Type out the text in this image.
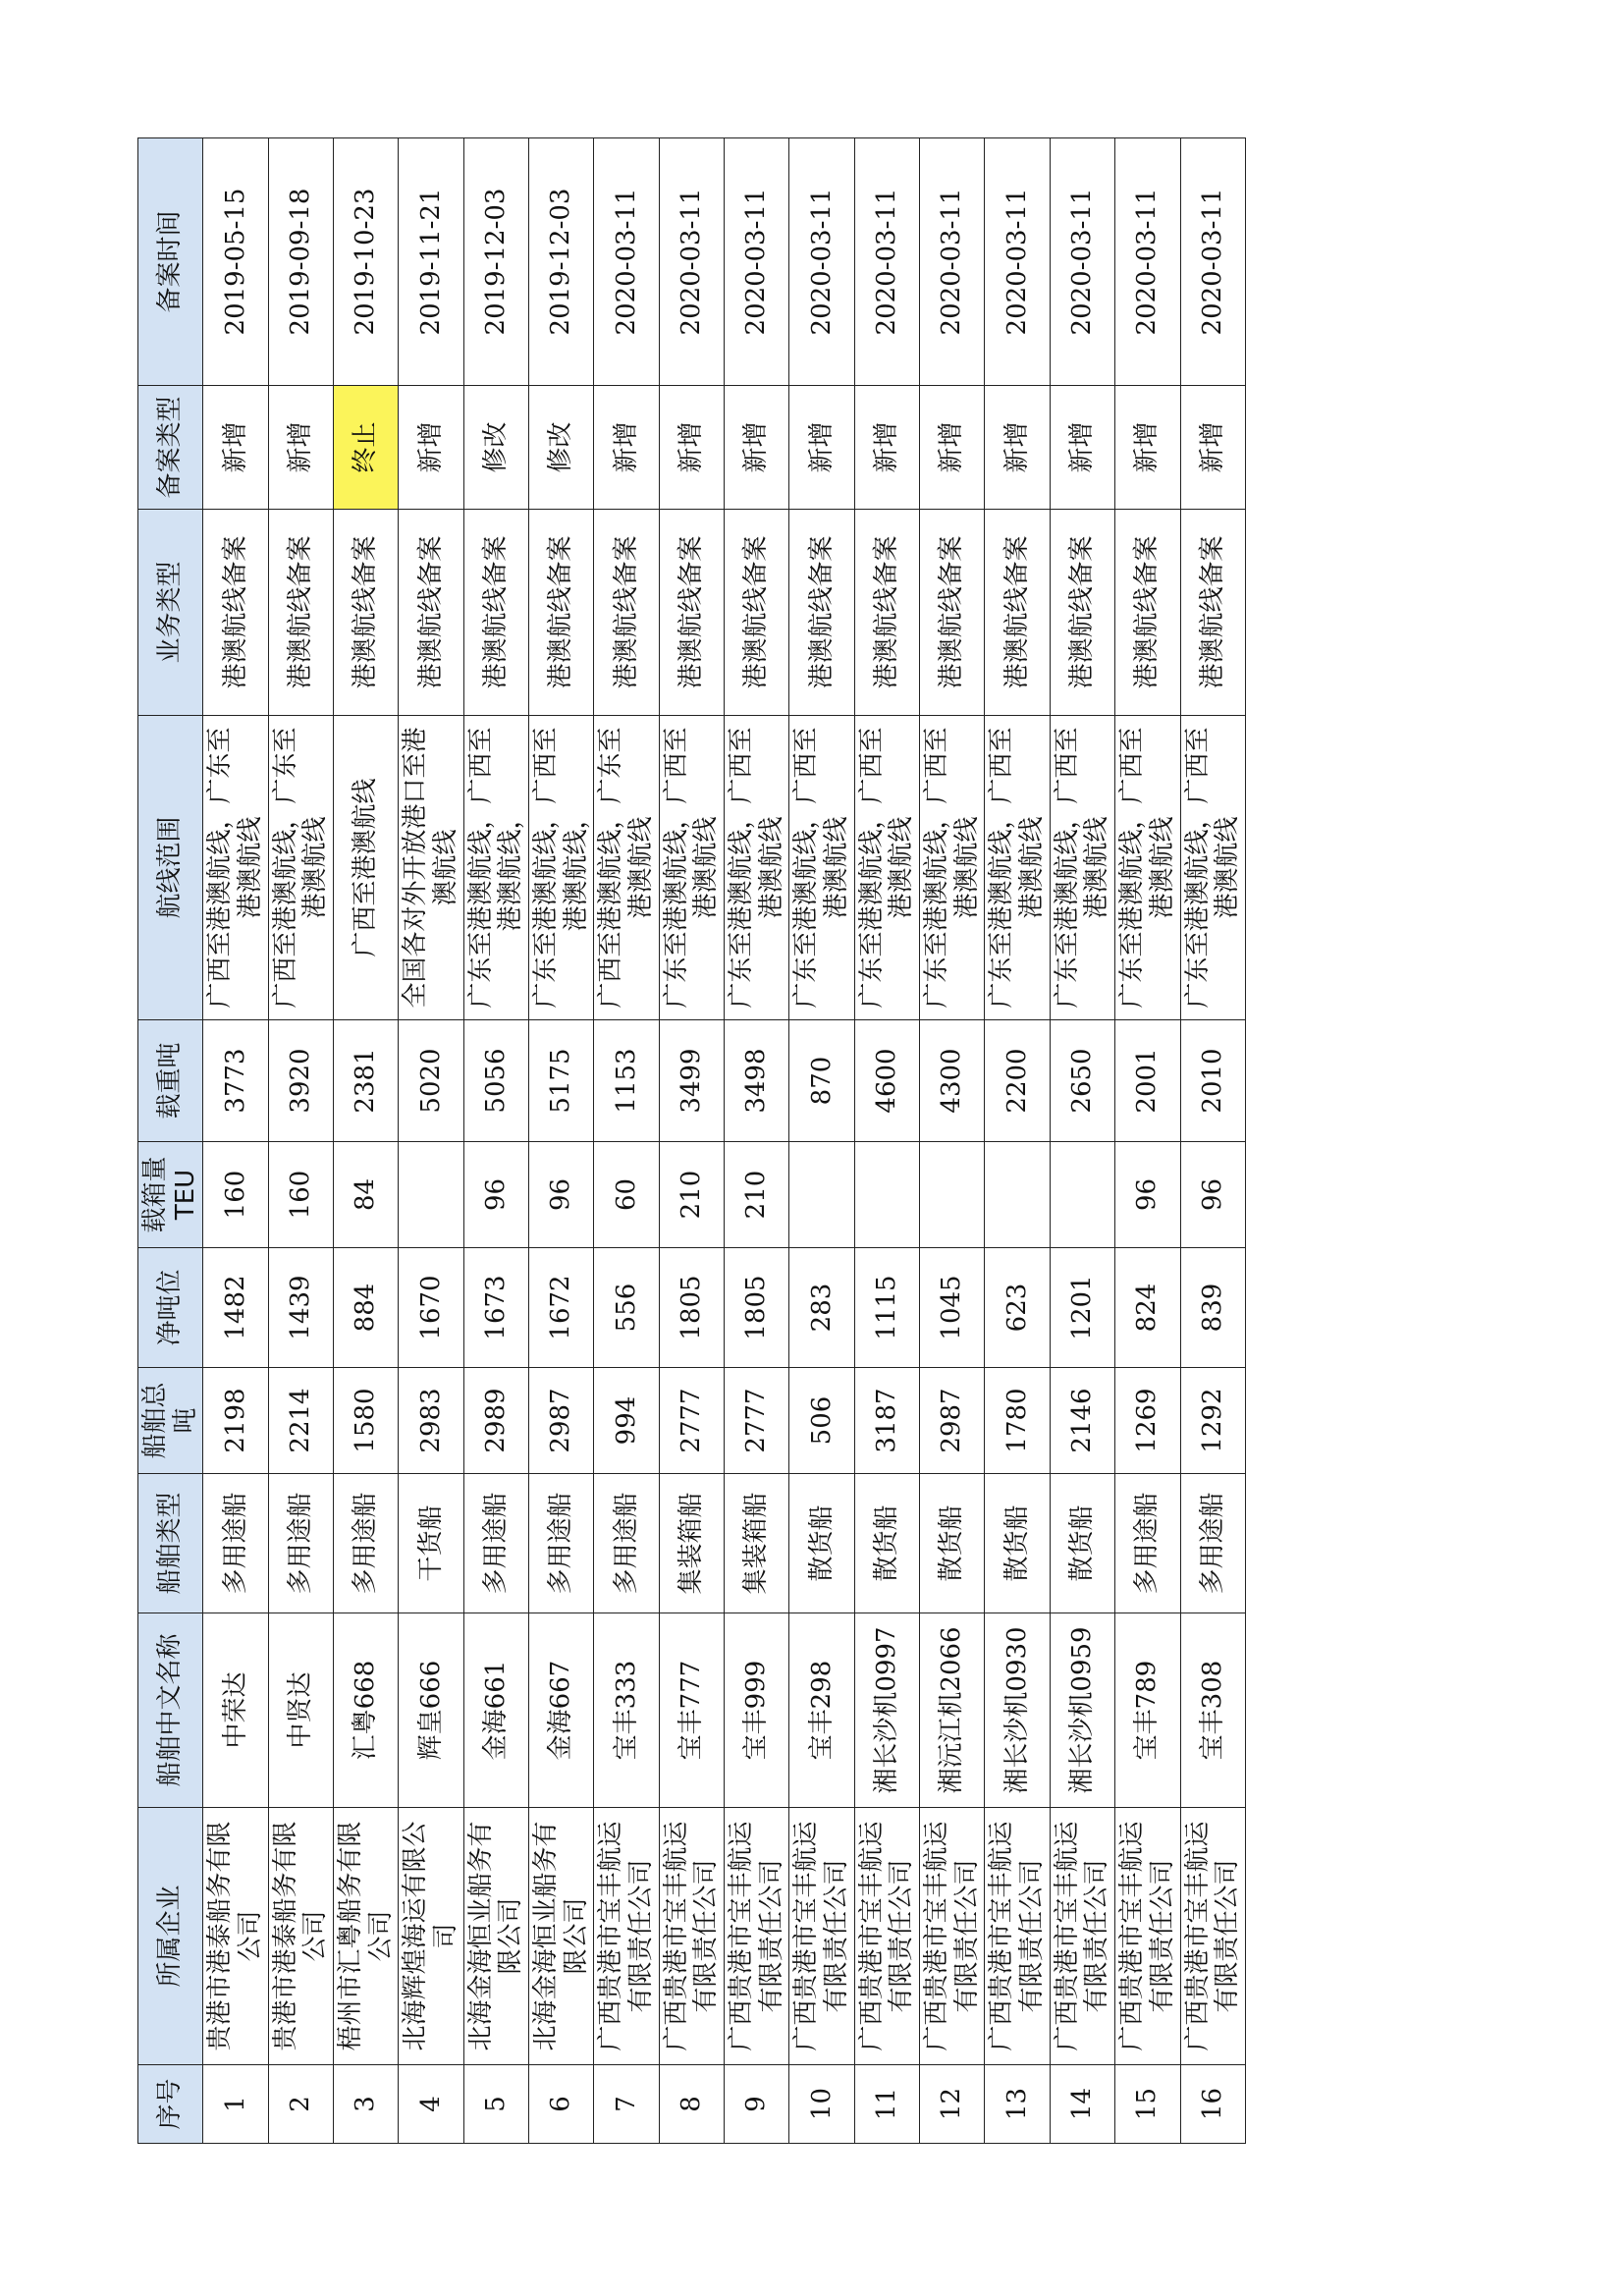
序号	所属企业	船舶中文名称	船舶类型	船舶总吨	净吨位	载箱量TEU	载重吨	航线范围	业务类型	备案类型	备案时间
1	贵港市港泰船务有限公司	中荣达	多用途船	2198	1482	160	3773	广西至港澳航线，广东至港澳航线	港澳航线备案	新增	2019-05-15
2	贵港市港泰船务有限公司	中贤达	多用途船	2214	1439	160	3920	广西至港澳航线，广东至港澳航线	港澳航线备案	新增	2019-09-18
3	梧州市汇粤船务有限公司	汇粤668	多用途船	1580	884	84	2381	广西至港澳航线	港澳航线备案	终止	2019-10-23
4	北海辉煌海运有限公司	辉皇666	干货船	2983	1670		5020	全国各对外开放港口至港澳航线	港澳航线备案	新增	2019-11-21
5	北海金海恒业船务有限公司	金海661	多用途船	2989	1673	96	5056	广东至港澳航线，广西至港澳航线，	港澳航线备案	修改	2019-12-03
6	北海金海恒业船务有限公司	金海667	多用途船	2987	1672	96	5175	广东至港澳航线，广西至港澳航线，	港澳航线备案	修改	2019-12-03
7	广西贵港市宝丰航运有限责任公司	宝丰333	多用途船	994	556	60	1153	广西至港澳航线，广东至港澳航线	港澳航线备案	新增	2020-03-11
8	广西贵港市宝丰航运有限责任公司	宝丰777	集装箱船	2777	1805	210	3499	广东至港澳航线，广西至港澳航线	港澳航线备案	新增	2020-03-11
9	广西贵港市宝丰航运有限责任公司	宝丰999	集装箱船	2777	1805	210	3498	广东至港澳航线，广西至港澳航线	港澳航线备案	新增	2020-03-11
10	广西贵港市宝丰航运有限责任公司	宝丰298	散货船	506	283		870	广东至港澳航线，广西至港澳航线	港澳航线备案	新增	2020-03-11
11	广西贵港市宝丰航运有限责任公司	湘长沙机0997	散货船	3187	1115		4600	广东至港澳航线，广西至港澳航线	港澳航线备案	新增	2020-03-11
12	广西贵港市宝丰航运有限责任公司	湘沅江机2066	散货船	2987	1045		4300	广东至港澳航线，广西至港澳航线	港澳航线备案	新增	2020-03-11
13	广西贵港市宝丰航运有限责任公司	湘长沙机0930	散货船	1780	623		2200	广东至港澳航线，广西至港澳航线	港澳航线备案	新增	2020-03-11
14	广西贵港市宝丰航运有限责任公司	湘长沙机0959	散货船	2146	1201		2650	广东至港澳航线，广西至港澳航线	港澳航线备案	新增	2020-03-11
15	广西贵港市宝丰航运有限责任公司	宝丰789	多用途船	1269	824	96	2001	广东至港澳航线，广西至港澳航线	港澳航线备案	新增	2020-03-11
16	广西贵港市宝丰航运有限责任公司	宝丰308	多用途船	1292	839	96	2010	广东至港澳航线，广西至港澳航线	港澳航线备案	新增	2020-03-11
